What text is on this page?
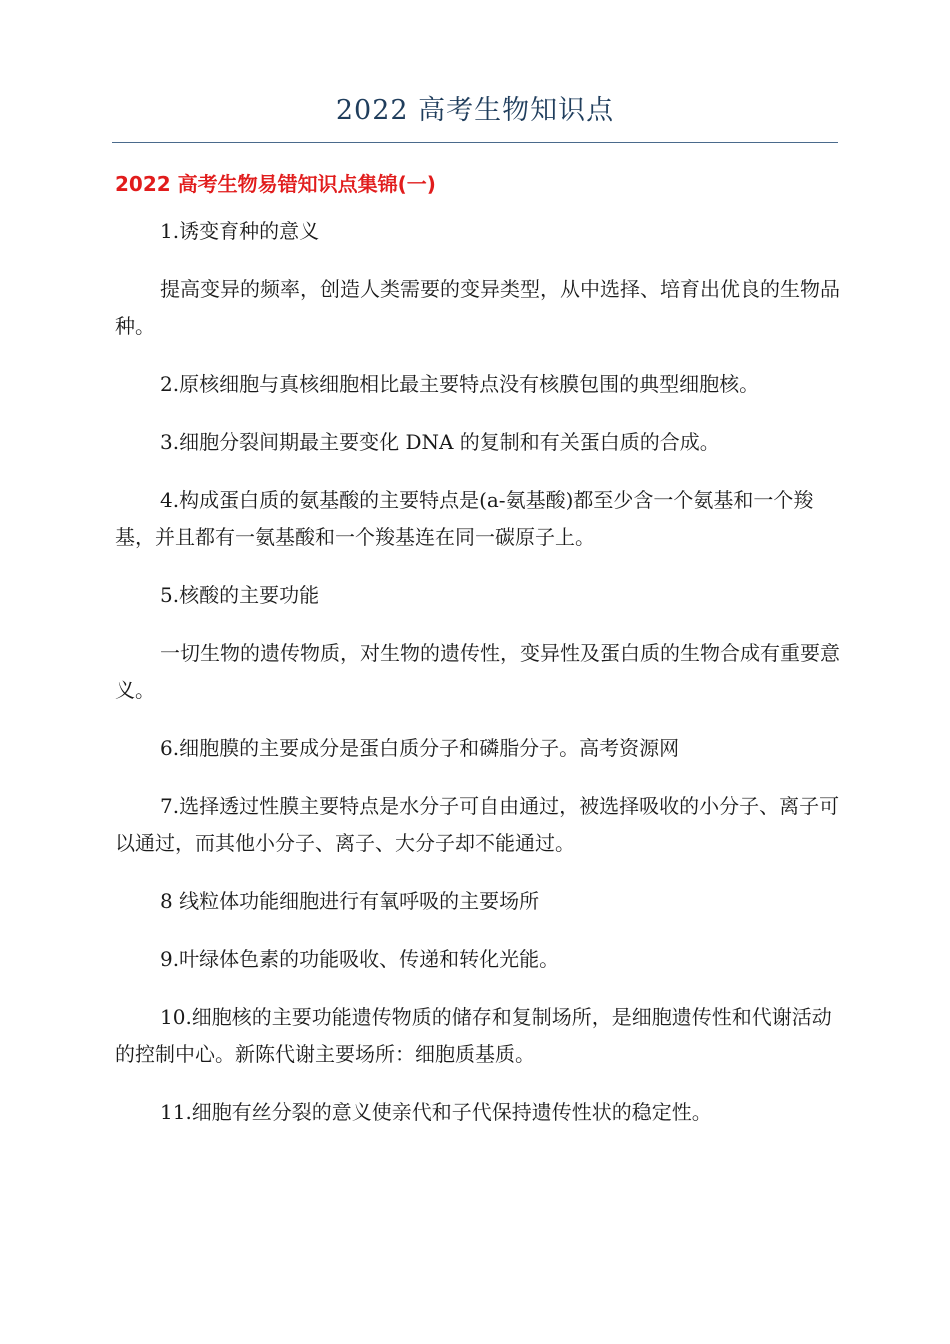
2022 高考生物知识点
2022 高考生物易错知识点集锦(一)

1.诱变育种的意义

提高变异的频率，创造人类需要的变异类型，从中选择、培育出优良的生物品种。

2.原核细胞与真核细胞相比最主要特点没有核膜包围的典型细胞核。

3.细胞分裂间期最主要变化 DNA 的复制和有关蛋白质的合成。

4.构成蛋白质的氨基酸的主要特点是(a-氨基酸)都至少含一个氨基和一个羧基，并且都有一氨基酸和一个羧基连在同一碳原子上。

5.核酸的主要功能

一切生物的遗传物质，对生物的遗传性，变异性及蛋白质的生物合成有重要意义。

6.细胞膜的主要成分是蛋白质分子和磷脂分子。高考资源网

7.选择透过性膜主要特点是水分子可自由通过，被选择吸收的小分子、离子可以通过，而其他小分子、离子、大分子却不能通过。

8 线粒体功能细胞进行有氧呼吸的主要场所

9.叶绿体色素的功能吸收、传递和转化光能。

10.细胞核的主要功能遗传物质的储存和复制场所，是细胞遗传性和代谢活动的控制中心。新陈代谢主要场所：细胞质基质。

11.细胞有丝分裂的意义使亲代和子代保持遗传性状的稳定性。
